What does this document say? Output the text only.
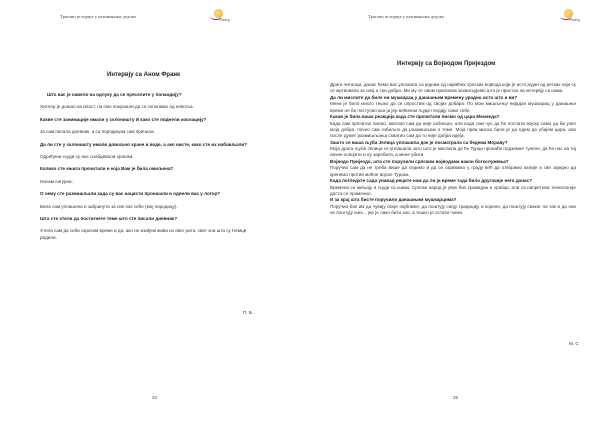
Трагови историје у казивањима дедова
Pinning
Интервју са Аном Франк

Шта вас је навело на одлуку да се преселите у Холандију?

Хитлер је дошао на власт, па смо покушали да се склонимо од невоља.

Какве сте занимације имали у склоништу И како сте поднели изолацију?

Ја сам писала дневник, а са породицом сам причала.

Да ли сте у склоништу имали довољно хране и воде, а ако нисте, како сте их набављали?

Одређени људи су нас снабдевали храном.

Колико сте књига прочитали и која Вам је била омиљена?

Нисам сигурна.

О чему сте размишљали када су вас нацисти пронашли и одвели вас у логор?

Била сам уплашена и забринута за све око себе (мој породицу).

Шта сте хтели да постигнете теме што сте писали дневник?

Хтела сам да себи скратим време и да, ако не изађем жива из овог рата, свет зна шта су Немци радили.

П. Б.
24
Трагови историје у казивањима дедова
Pinning
Интервју са Војводом Пријездом

Драги читаоци, данас ћемо вас упознати са једним од највећих српских војвода који је исто један од ретких који су се жртвовали за свој а три добра. Ми му се овом приликом захваљујемо што је пристао на интервју са нама.

Да ли мислите да биле ни мушкарац у данашњем времену урадио исто што и ви?

Мени је било много тешко да се опростим од својих добара. По мом мишљењу нијадан мушкарац у данашње време не би поступио као ја јер већином људи гледају само себе.

Какав је била ваша реакција када сте прочитали писмо од цара Мехмеда?

Када сам прочитао писмо, мислио сам да није озбиљан, али када сам чуо да ће послати војску само да би узео моја добра, почео сам озбиљно да размишљам о томе. Моја прва мисао била је да одем да убијем цара, али после дужег размишљања схватио сам да то није добра идеја.

Зашто се ваша љуба Јелица уплашила док је посматрала са бедема Мораву?

Моја драга љуба Јелица се уплашила зато што је мислила да ће Турци пронаћи подземне тунеле, да ће нас на тај начин освојити и ну заробити, а мене убити.

Војводо Пријездо, шта сте поручили српским војводама након богослужења?

Поручио сам да не треба више да седимо и да се скривамо у граду већ да отворимо капије и све заједно да кренемо против моћне војске Турака.

Када погледате сада унавад реците нам да ли је време тада било другачије него данас?

Времена се мењају и људи са њима. Српски народ је увек био праведан и храбар, али са напретком технологије доста се променио.

И за крај шта бисте поручили данашњим мушкарцима?

Поручио бих им да чувају своје најближе, да поштују своју традицију и корене, да поштују сваког па чак и да они не поштују њих... јер је лако бити зао, а тешко је остати човек.

М. С
25
